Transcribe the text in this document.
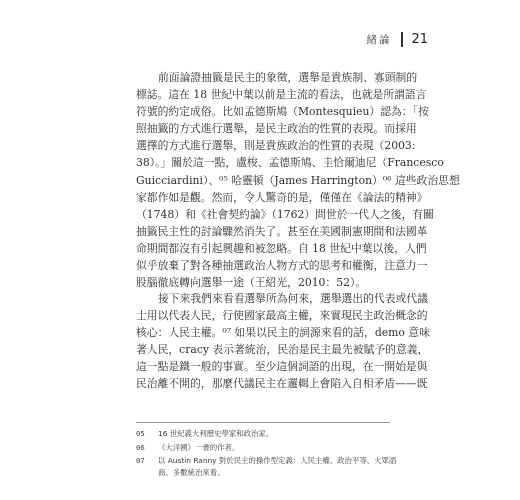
緒論 21
前面論證抽籤是民主的象徵，選舉是貴族制、寡頭制的
標誌。這在 18 世紀中葉以前是主流的看法，也就是所謂語言
符號的約定成俗。比如孟德斯鳩（Montesquieu）認為：「按
照抽籤的方式進行選舉，是民主政治的性質的表現。而採用
選擇的方式進行選舉，則是貴族政治的性質的表現（2003:
38）。」關於這一點，盧梭、孟德斯鳩、圭恰爾迪尼（Francesco
Guicciardini）、⁰⁵ 哈靈頓（James Harrington）⁰⁶ 這些政治思想
家都作如是觀。然而，令人驚奇的是，僅僅在《論法的精神》
（1748）和《社會契約論》（1762）問世於一代人之後，有關
抽籤民主性的討論驟然消失了。甚至在美國制憲期間和法國革
命期間都沒有引起興趣和被忽略。自 18 世紀中葉以後，人們
似乎放棄了對各種抽選政治人物方式的思考和權衡，注意力一
股腦徹底轉向選舉一途（王紹光，2010：52）。
接下來我們來看看選舉所為何來，選舉選出的代表或代議
士用以代表人民，行使國家最高主權，來實現民主政治概念的
核心：人民主權。⁰⁷ 如果以民主的詞源來看的話，demo 意味
著人民，cracy 表示著統治，民治是民主最先被賦予的意義，
這一點是鐵一般的事實。至少這個詞語的出現，在一開始是與
民治離不開的，那麼代議民主在邏輯上會陷入自相矛盾——既
05	16 世紀義大利歷史學家和政治家。
06	《大洋國》一書的作者。
07	以 Austin Ranny 對於民主的操作型定義：人民主權、政治平等、大眾諮商、多數統治來看。
